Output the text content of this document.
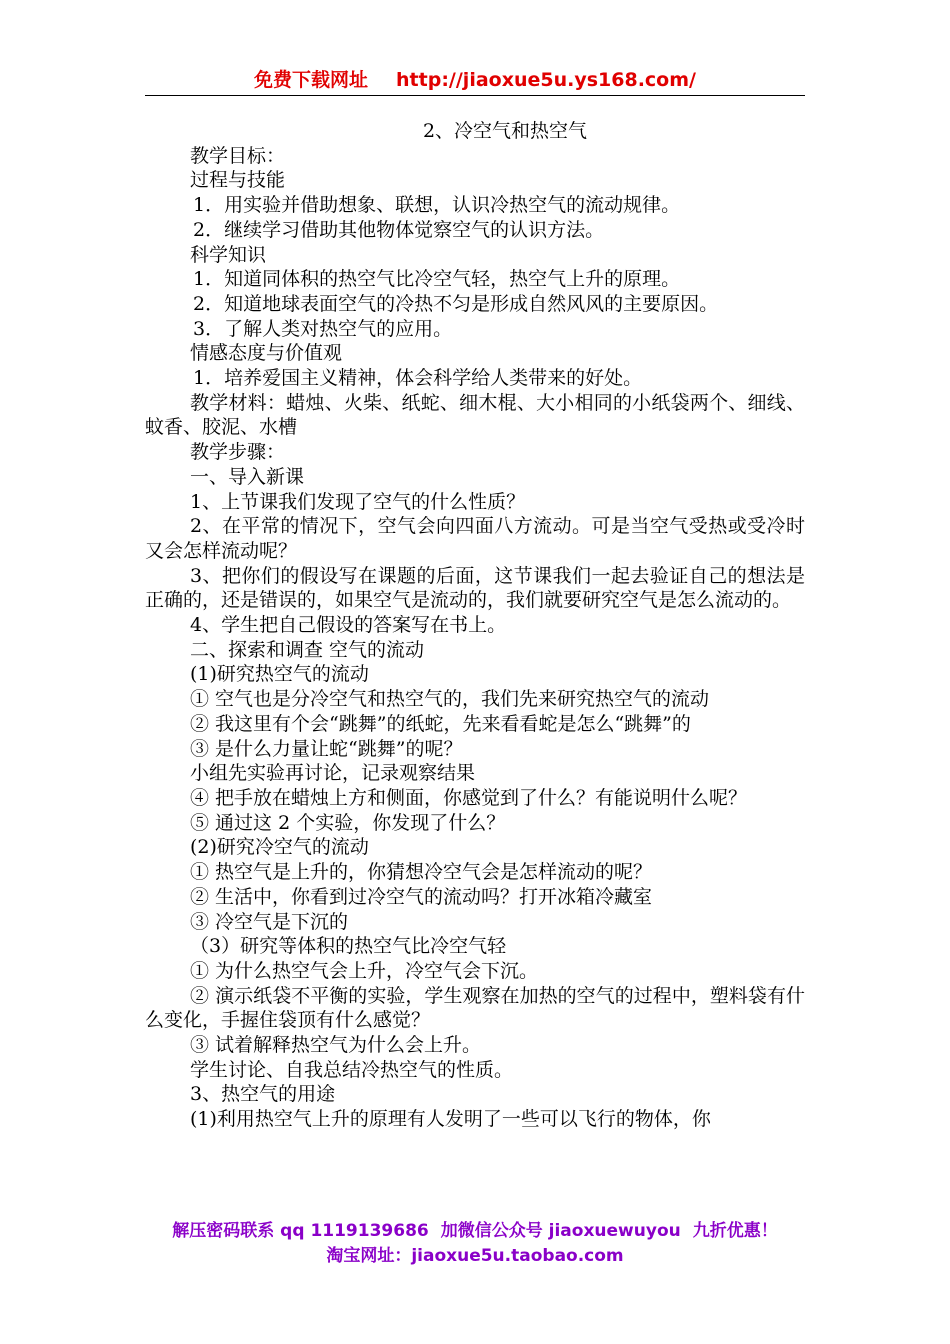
免费下载网址 http://jiaoxue5u.ys168.com/

2、冷空气和热空气

教学目标：

过程与技能

1．用实验并借助想象、联想，认识冷热空气的流动规律。

2．继续学习借助其他物体觉察空气的认识方法。

科学知识

1．知道同体积的热空气比冷空气轻，热空气上升的原理。

2．知道地球表面空气的冷热不匀是形成自然风风的主要原因。

3．了解人类对热空气的应用。

情感态度与价值观

1．培养爱国主义精神，体会科学给人类带来的好处。

教学材料：蜡烛、火柴、纸蛇、细木棍、大小相同的小纸袋两个、细线、蚊香、胶泥、水槽

教学步骤：

一、导入新课

1、上节课我们发现了空气的什么性质？

2、在平常的情况下，空气会向四面八方流动。可是当空气受热或受冷时又会怎样流动呢？

3、把你们的假设写在课题的后面，这节课我们一起去验证自己的想法是正确的，还是错误的，如果空气是流动的，我们就要研究空气是怎么流动的。

4、学生把自己假设的答案写在书上。

二、探索和调查 空气的流动

(1)研究热空气的流动

① 空气也是分冷空气和热空气的，我们先来研究热空气的流动

② 我这里有个会“跳舞”的纸蛇，先来看看蛇是怎么“跳舞”的

③ 是什么力量让蛇“跳舞”的呢？

小组先实验再讨论，记录观察结果

④ 把手放在蜡烛上方和侧面，你感觉到了什么？有能说明什么呢？

⑤ 通过这 2 个实验，你发现了什么？

(2)研究冷空气的流动

① 热空气是上升的，你猜想冷空气会是怎样流动的呢？

② 生活中，你看到过冷空气的流动吗？打开冰箱冷藏室

③ 冷空气是下沉的

（3）研究等体积的热空气比冷空气轻

① 为什么热空气会上升，冷空气会下沉。

② 演示纸袋不平衡的实验，学生观察在加热的空气的过程中，塑料袋有什么变化，手握住袋顶有什么感觉？

③ 试着解释热空气为什么会上升。

学生讨论、自我总结冷热空气的性质。

3、热空气的用途

(1)利用热空气上升的原理有人发明了一些可以飞行的物体，你

解压密码联系 qq 1119139686 加微信公众号 jiaoxuewuyou 九折优惠！
淘宝网址：jiaoxue5u.taobao.com
